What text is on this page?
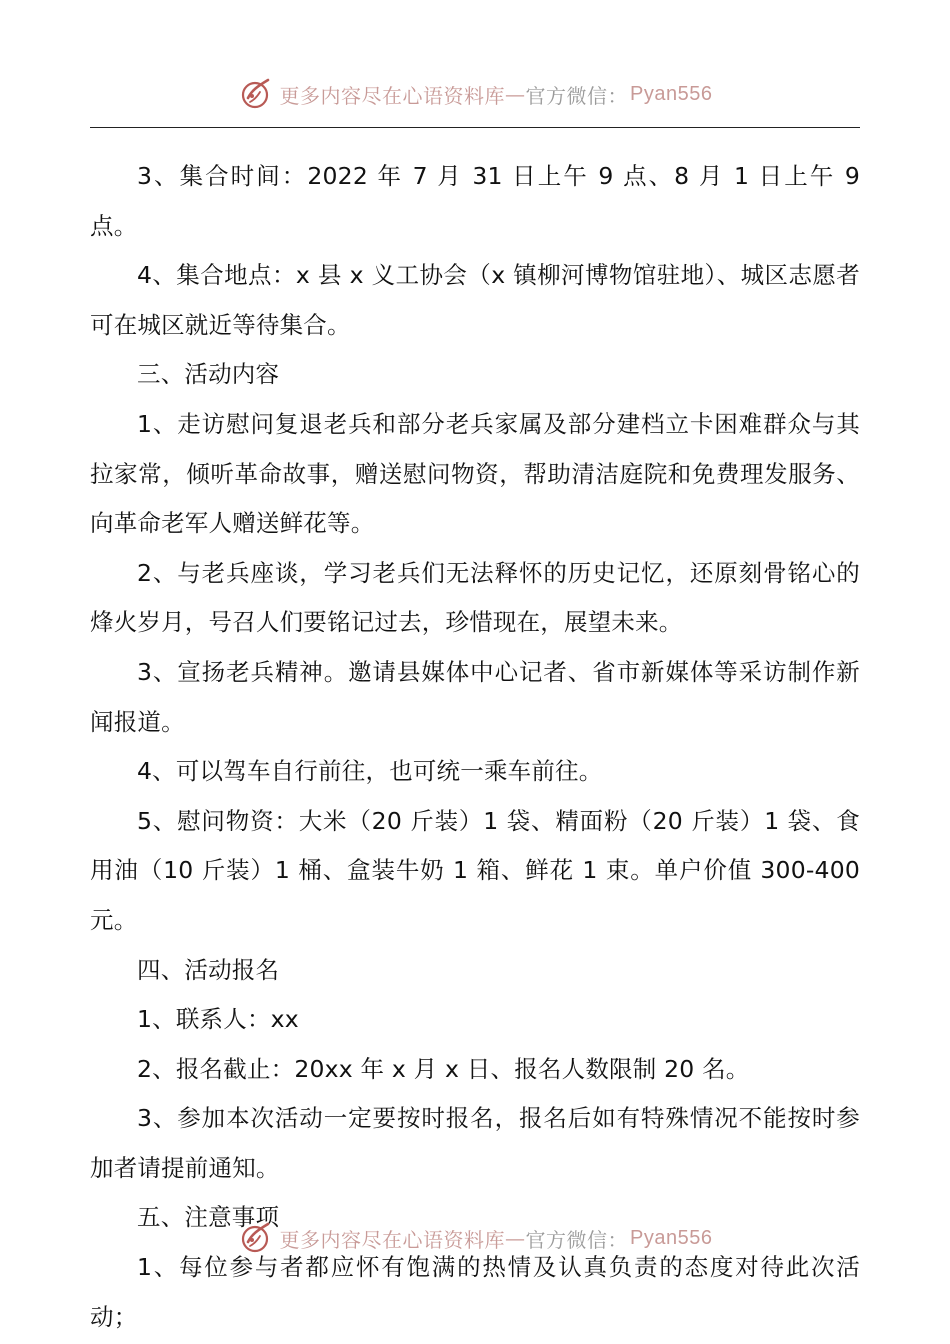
更多内容尽在心语资料库 — 官方微信： Pyan556

3、集合时间：2022 年 7 月 31 日上午 9 点、8 月 1 日上午 9 点。

4、集合地点：x 县 x 义工协会（x 镇柳河博物馆驻地）、城区志愿者可在城区就近等待集合。

三、活动内容

1、走访慰问复退老兵和部分老兵家属及部分建档立卡困难群众与其拉家常，倾听革命故事，赠送慰问物资，帮助清洁庭院和免费理发服务、向革命老军人赠送鲜花等。

2、与老兵座谈，学习老兵们无法释怀的历史记忆，还原刻骨铭心的烽火岁月，号召人们要铭记过去，珍惜现在，展望未来。

3、宣扬老兵精神。邀请县媒体中心记者、省市新媒体等采访制作新闻报道。

4、可以驾车自行前往，也可统一乘车前往。

5、慰问物资：大米（20 斤装）1 袋、精面粉（20 斤装）1 袋、食用油（10 斤装）1 桶、盒装牛奶 1 箱、鲜花 1 束。单户价值 300-400 元。

四、活动报名

1、联系人：xx

2、报名截止：20xx 年 x 月 x 日、报名人数限制 20 名。

3、参加本次活动一定要按时报名，报名后如有特殊情况不能按时参加者请提前通知。

五、注意事项

1、每位参与者都应怀有饱满的热情及认真负责的态度对待此次活动；

更多内容尽在心语资料库 — 官方微信： Pyan556
